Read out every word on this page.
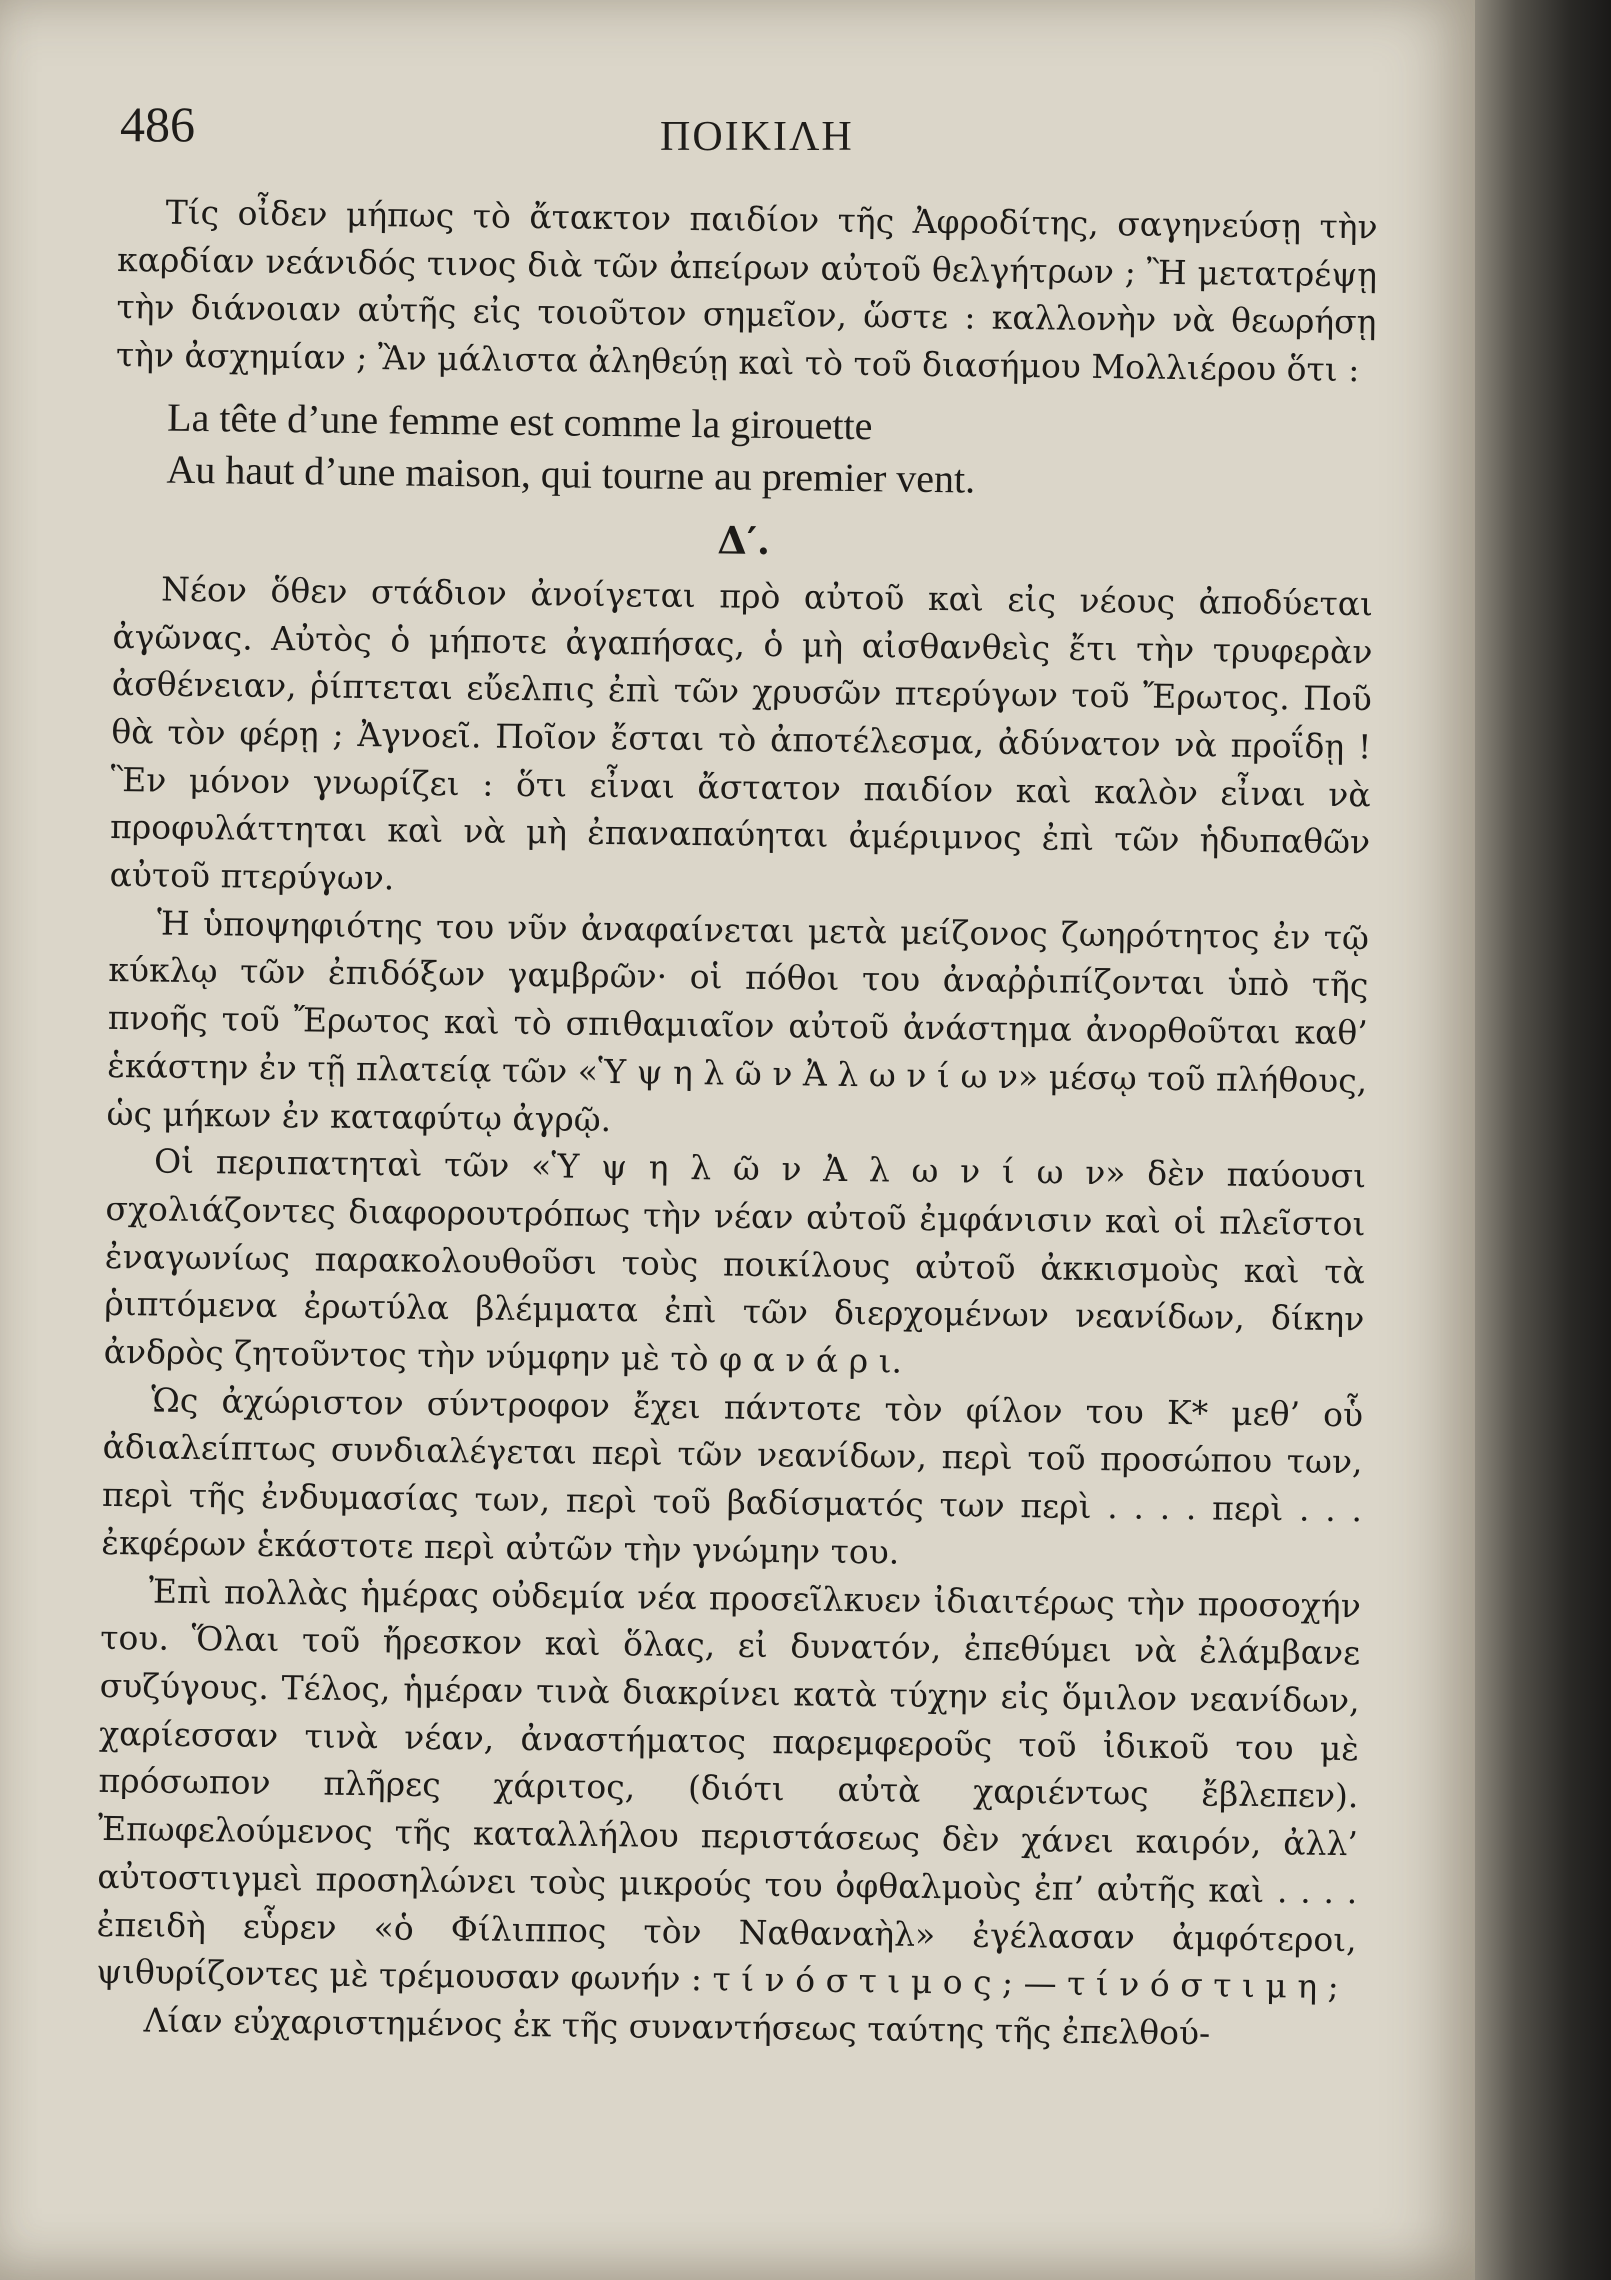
486	ΠΟΙΚΙΛΗ

Τίς οἶδεν μήπως τὸ ἄτακτον παιδίον τῆς Ἀφροδίτης, σαγηνεύσῃ τὴν καρδίαν νεάνιδός τινος διὰ τῶν ἀπείρων αὐτοῦ θελγήτρων ; Ἢ μετατρέψῃ τὴν διάνοιαν αὐτῆς εἰς τοιοῦτον σημεῖον, ὥστε : καλλονὴν νὰ θεωρήσῃ τὴν ἀσχημίαν ; Ἂν μάλιστα ἀληθεύῃ καὶ τὸ τοῦ διασήμου Μολλιέρου ὅτι :

La tête d’une femme est comme la girouette
Au haut d’une maison, qui tourne au premier vent.
Δ′.

Νέον ὅθεν στάδιον ἀνοίγεται πρὸ αὐτοῦ καὶ εἰς νέους ἀποδύεται ἀγῶνας. Αὐτὸς ὁ μήποτε ἀγαπήσας, ὁ μὴ αἰσθανθεὶς ἔτι τὴν τρυφερὰν ἀσθένειαν, ῥίπτεται εὔελπις ἐπὶ τῶν χρυσῶν πτερύγων τοῦ Ἔρωτος. Ποῦ θὰ τὸν φέρῃ ; Ἀγνοεῖ. Ποῖον ἔσται τὸ ἀποτέλεσμα, ἀδύνατον νὰ προΐδῃ ! Ἓν μόνον γνωρίζει : ὅτι εἶναι ἄστατον παιδίον καὶ καλὸν εἶναι νὰ προφυλάττηται καὶ νὰ μὴ ἐπαναπαύηται ἀμέριμνος ἐπὶ τῶν ἡδυπαθῶν αὐτοῦ πτερύγων.

Ἡ ὑποψηφιότης του νῦν ἀναφαίνεται μετὰ μείζονος ζωηρότητος ἐν τῷ κύκλῳ τῶν ἐπιδόξων γαμβρῶν· οἱ πόθοι του ἀναῤῥιπίζονται ὑπὸ τῆς πνοῆς τοῦ Ἔρωτος καὶ τὸ σπιθαμιαῖον αὐτοῦ ἀνάστημα ἀνορθοῦται καθ’ ἑκάστην ἐν τῇ πλατείᾳ τῶν «Ὑ ψ η λ ῶ ν Ἀ λ ω ν ί ω ν» μέσῳ τοῦ πλήθους, ὡς μήκων ἐν καταφύτῳ ἀγρῷ.

Οἱ περιπατηταὶ τῶν «Ὑ ψ η λ ῶ ν Ἀ λ ω ν ί ω ν» δὲν παύουσι σχολιάζοντες διαφορουτρόπως τὴν νέαν αὐτοῦ ἐμφάνισιν καὶ οἱ πλεῖστοι ἐναγωνίως παρακολουθοῦσι τοὺς ποικίλους αὐτοῦ ἀκκισμοὺς καὶ τὰ ῥιπτόμενα ἐρωτύλα βλέμματα ἐπὶ τῶν διερχομένων νεανίδων, δίκην ἀνδρὸς ζητοῦντος τὴν νύμφην μὲ τὸ φ α ν ά ρ ι.

Ὡς ἀχώριστον σύντροφον ἔχει πάντοτε τὸν φίλον του Κ* μεθ’ οὗ ἀδιαλείπτως συνδιαλέγεται περὶ τῶν νεανίδων, περὶ τοῦ προσώπου των, περὶ τῆς ἐνδυμασίας των, περὶ τοῦ βαδίσματός των περὶ . . . . περὶ . . . ἐκφέρων ἑκάστοτε περὶ αὐτῶν τὴν γνώμην του.

Ἐπὶ πολλὰς ἡμέρας οὐδεμία νέα προσεῖλκυεν ἰδιαιτέρως τὴν προσοχήν του. Ὅλαι τοῦ ἤρεσκον καὶ ὅλας, εἰ δυνατόν, ἐπεθύμει νὰ ἐλάμβανε συζύγους. Τέλος, ἡμέραν τινὰ διακρίνει κατὰ τύχην εἰς ὅμιλον νεανίδων, χαρίεσσαν τινὰ νέαν, ἀναστήματος παρεμφεροῦς τοῦ ἰδικοῦ του μὲ πρόσωπον πλῆρες χάριτος, (διότι αὐτὰ χαριέντως ἔβλεπεν). Ἐπωφελούμενος τῆς καταλλήλου περιστάσεως δὲν χάνει καιρόν, ἀλλ’ αὐτοστιγμεὶ προσηλώνει τοὺς μικρούς του ὀφθαλμοὺς ἐπ’ αὐτῆς καὶ . . . . ἐπειδὴ εὗρεν «ὁ Φίλιππος τὸν Ναθαναὴλ» ἐγέλασαν ἀμφότεροι, ψιθυρίζοντες μὲ τρέμουσαν φωνήν : τ ί ν ό σ τ ι μ ο ς ; — τ ί ν ό σ τ ι μ η ;

Λίαν εὐχαριστημένος ἐκ τῆς συναντήσεως ταύτης τῆς ἐπελθού-
